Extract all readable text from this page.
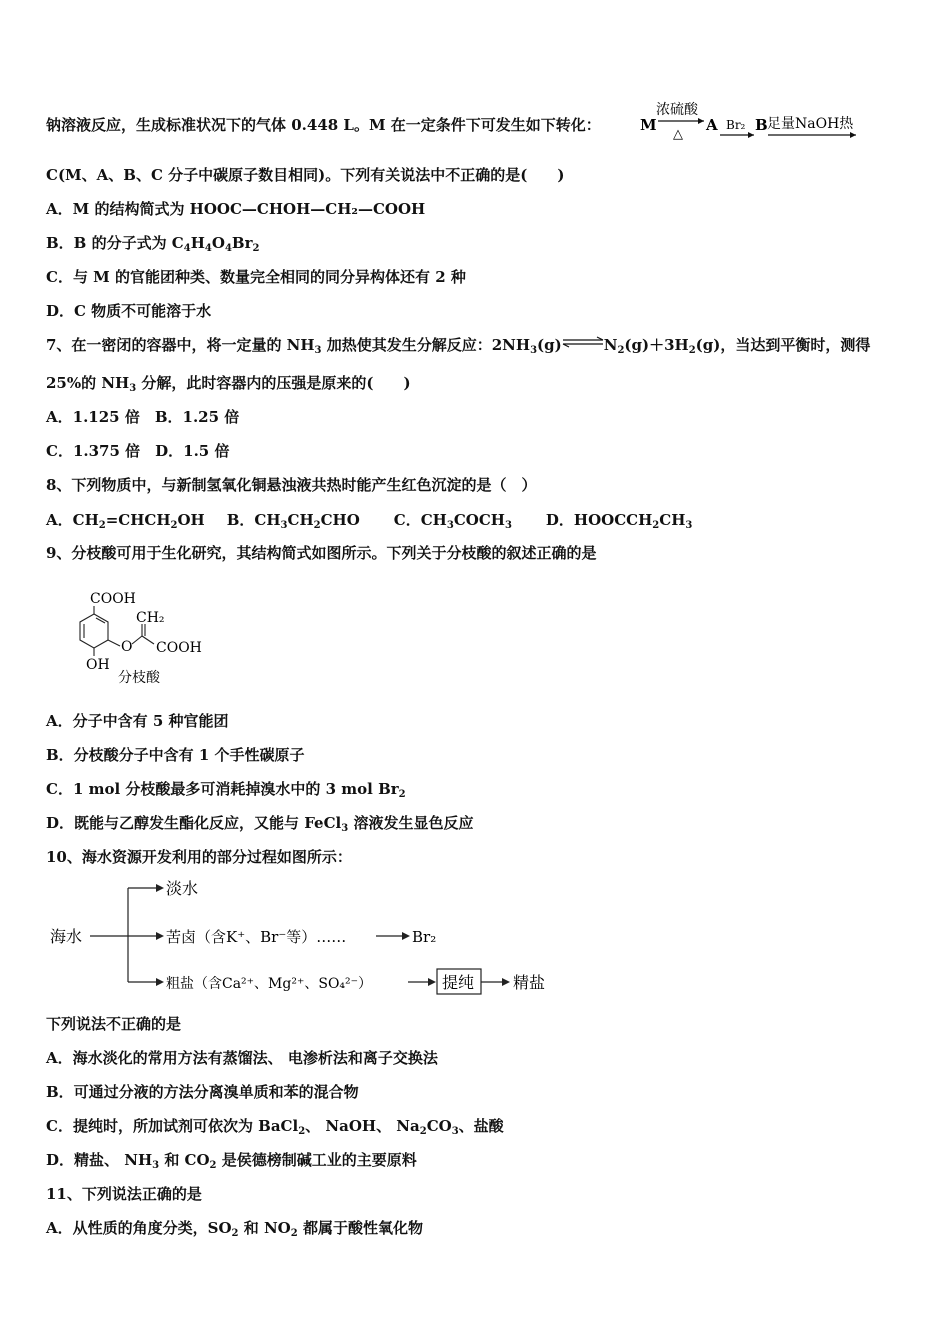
钠溶液反应，生成标准状况下的气体 0.448 L。M 在一定条件下可发生如下转化：	M
浓硫酸
△
A Br₂ B 足量NaOH热
C(M、A、B、C 分子中碳原子数目相同)。下列有关说法中不正确的是(　　)
A．M 的结构简式为 HOOC—CHOH—CH₂—COOH
B．B 的分子式为 $C_4H_4O_4Br_2$
C．与 M 的官能团种类、数量完全相同的同分异构体还有 2 种
D．C 物质不可能溶于水
7、在一密闭的容器中，将一定量的 $NH_3$ 加热使其发生分解反应：$2NH_3(g)\rightleftharpoons N_2(g)+3H_2(g)$，当达到平衡时，测得
25%的 $NH_3$ 分解，此时容器内的压强是原来的(　　)
A．1.125 倍　B．1.25 倍
C．1.375 倍　D．1.5 倍
8、下列物质中，与新制氢氧化铜悬浊液共热时能产生红色沉淀的是（　）
A．$CH_2=CHCH_2OH$ B．$CH_3CH_2CHO$ C．$CH_3COCH_3$ D．$HOOCCH_2CH_3$
9、分枝酸可用于生化研究，其结构简式如图所示。下列关于分枝酸的叙述正确的是
COOH
O
CH₂
COOH
OH
分枝酸
A．分子中含有 5 种官能团
B．分枝酸分子中含有 1 个手性碳原子
C．1 mol 分枝酸最多可消耗掉溴水中的 3 mol $Br_2$
D．既能与乙醇发生酯化反应，又能与 FeCl$_3$ 溶液发生显色反应
10、海水资源开发利用的部分过程如图所示：
海水
淡水
苦卤（含K⁺、Br⁻等）……	Br₂
粗盐（含Ca²⁺、Mg²⁺、SO₄²⁻）	提纯 精盐
下列说法不正确的是
A．海水淡化的常用方法有蒸馏法、 电渗析法和离子交换法
B．可通过分液的方法分离溴单质和苯的混合物
C．提纯时，所加试剂可依次为 BaCl$_2$、 NaOH、 $Na_2CO_3$、盐酸
D．精盐、 $NH_3$ 和 $CO_2$ 是侯德榜制碱工业的主要原料
11、下列说法正确的是
A．从性质的角度分类，$SO_2$ 和 $NO_2$ 都属于酸性氧化物
